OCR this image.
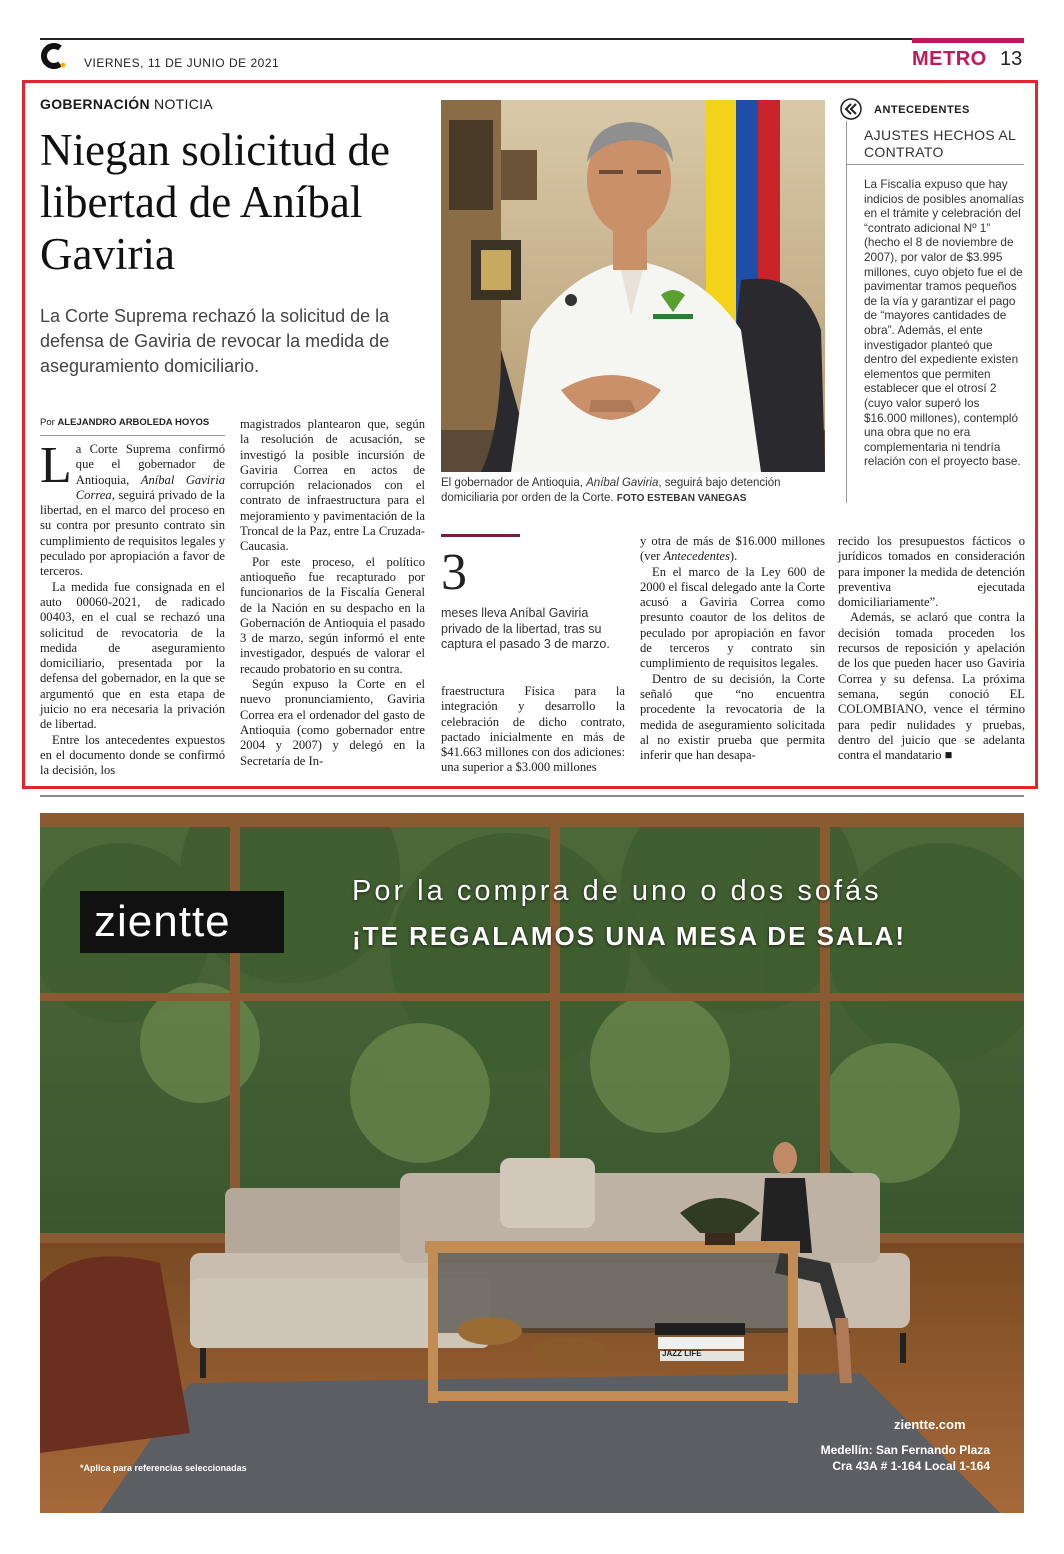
VIERNES, 11 DE JUNIO DE 2021	METRO 13
GOBERNACIÓN NOTICIA
Niegan solicitud de libertad de Aníbal Gaviria
La Corte Suprema rechazó la solicitud de la defensa de Gaviria de revocar la medida de aseguramiento domiciliario.
El gobernador de Antioquia, Aníbal Gaviria, seguirá bajo detención domiciliaria por orden de la Corte. FOTO ESTEBAN VANEGAS
Por ALEJANDRO ARBOLEDA HOYOS

La Corte Suprema confirmó que el gobernador de Antioquia, Aníbal Gaviria Correa, seguirá privado de la libertad, en el marco del proceso en su contra por presunto contrato sin cumplimiento de requisitos legales y peculado por apropiación a favor de terceros.

La medida fue consignada en el auto 00060-2021, de radicado 00403, en el cual se rechazó una solicitud de revocatoria de la medida de aseguramiento domiciliario, presentada por la defensa del gobernador, en la que se argumentó que en esta etapa de juicio no era necesaria la privación de libertad.

Entre los antecedentes expuestos en el documento donde se confirmó la decisión, los

magistrados plantearon que, según la resolución de acusación, se investigó la posible incursión de Gaviria Correa en actos de corrupción relacionados con el contrato de infraestructura para el mejoramiento y pavimentación de la Troncal de la Paz, entre La Cruzada-Caucasia.

Por este proceso, el político antioqueño fue recapturado por funcionarios de la Fiscalía General de la Nación en su despacho en la Gobernación de Antioquia el pasado 3 de marzo, según informó el ente investigador, después de valorar el recaudo probatorio en su contra.

Según expuso la Corte en el nuevo pronunciamiento, Gaviria Correa era el ordenador del gasto de Antioquia (como gobernador entre 2004 y 2007) y delegó en la Secretaría de In-

3
meses lleva Aníbal Gaviria privado de la libertad, tras su captura el pasado 3 de marzo.

fraestructura Física para la integración y desarrollo la celebración de dicho contrato, pactado inicialmente en más de $41.663 millones con dos adiciones: una superior a $3.000 millones

y otra de más de $16.000 millones (ver Antecedentes).

En el marco de la Ley 600 de 2000 el fiscal delegado ante la Corte acusó a Gaviria Correa como presunto coautor de los delitos de peculado por apropiación en favor de terceros y contrato sin cumplimiento de requisitos legales.

Dentro de su decisión, la Corte señaló que “no encuentra procedente la revocatoria de la medida de aseguramiento solicitada al no existir prueba que permita inferir que han desapa-

recido los presupuestos fácticos o jurídicos tomados en consideración para imponer la medida de detención preventiva ejecutada domiciliariamente”.

Además, se aclaró que contra la decisión tomada proceden los recursos de reposición y apelación de los que pueden hacer uso Gaviria Correa y su defensa. La próxima semana, según conoció EL COLOMBIANO, vence el término para pedir nulidades y pruebas, dentro del juicio que se adelanta contra el mandatario ■

ANTECEDENTES
AJUSTES HECHOS AL CONTRATO
La Fiscalía expuso que hay indicios de posibles anomalías en el trámite y celebración del “contrato adicional Nº 1” (hecho el 8 de noviembre de 2007), por valor de $3.995 millones, cuyo objeto fue el de pavimentar tramos pequeños de la vía y garantizar el pago de “mayores cantidades de obra”. Además, el ente investigador planteó que dentro del expediente existen elementos que permiten establecer que el otrosí 2 (cuyo valor superó los $16.000 millones), contempló una obra que no era complementaria ni tendría relación con el proyecto base.
zientte
Por la compra de uno o dos sofás
¡TE REGALAMOS UNA MESA DE SALA!
zientte.com
Medellín: San Fernando Plaza
Cra 43A # 1-164 Local 1-164
*Aplica para referencias seleccionadas
JAZZ LIFE
